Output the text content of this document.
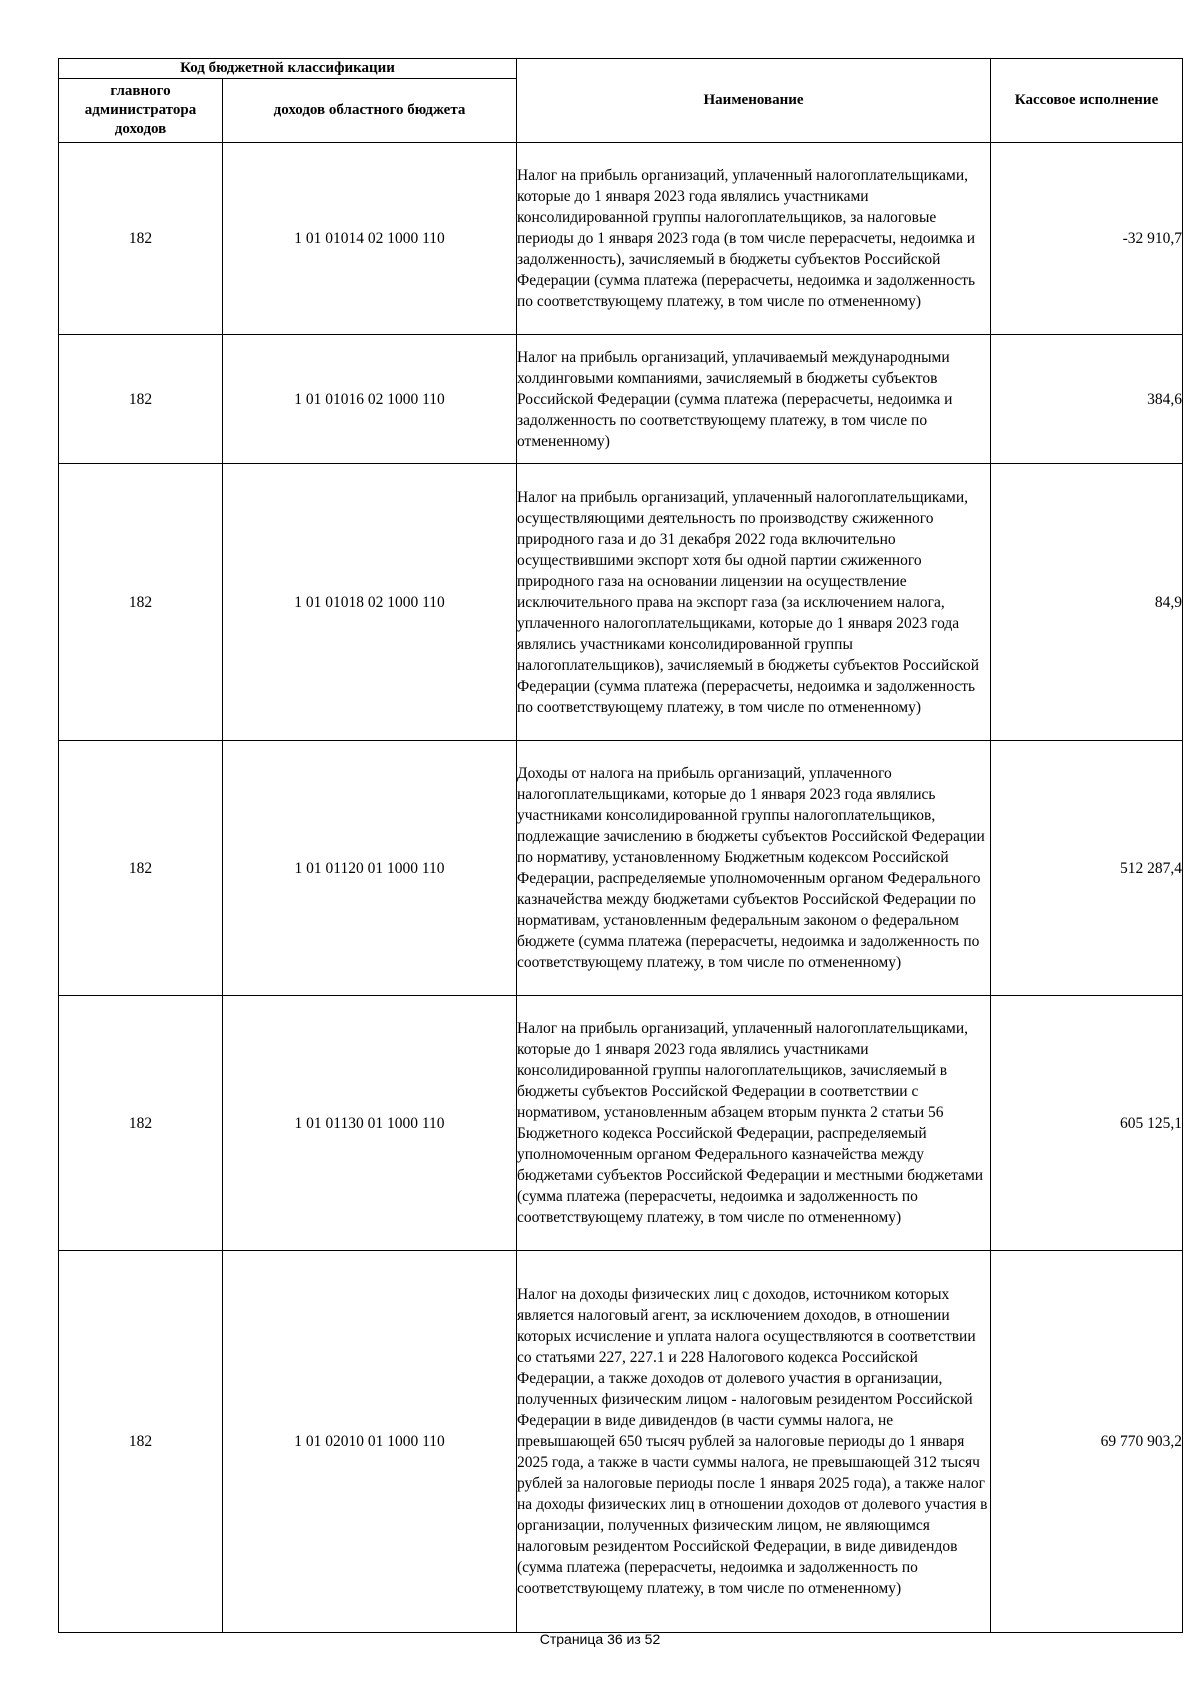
Код бюджетной классификации		Наименование	Кассовое исполнение
главного администратора доходов	доходов областного бюджета		
182	1 01 01014 02 1000 110	Налог на прибыль организаций, уплаченный налогоплательщиками, которые до 1 января 2023 года являлись участниками консолидированной группы налогоплательщиков, за налоговые периоды до 1 января 2023 года (в том числе перерасчеты, недоимка и задолженность), зачисляемый в бюджеты субъектов Российской Федерации (сумма платежа (перерасчеты, недоимка и задолженность по соответствующему платежу, в том числе по отмененному)	-32 910,7
182	1 01 01016 02 1000 110	Налог на прибыль организаций, уплачиваемый международными холдинговыми компаниями, зачисляемый в бюджеты субъектов Российской Федерации (сумма платежа (перерасчеты, недоимка и задолженность по соответствующему платежу, в том числе по отмененному)	384,6
182	1 01 01018 02 1000 110	Налог на прибыль организаций, уплаченный налогоплательщиками, осуществляющими деятельность по производству сжиженного природного газа и до 31 декабря 2022 года включительно осуществившими экспорт хотя бы одной партии сжиженного природного газа на основании лицензии на осуществление исключительного права на экспорт газа (за исключением налога, уплаченного налогоплательщиками, которые до 1 января 2023 года являлись участниками консолидированной группы налогоплательщиков), зачисляемый в бюджеты субъектов Российской Федерации (сумма платежа (перерасчеты, недоимка и задолженность по соответствующему платежу, в том числе по отмененному)	84,9
182	1 01 01120 01 1000 110	Доходы от налога на прибыль организаций, уплаченного налогоплательщиками, которые до 1 января 2023 года являлись участниками консолидированной группы налогоплательщиков, подлежащие зачислению в бюджеты субъектов Российской Федерации по нормативу, установленному Бюджетным кодексом Российской Федерации, распределяемые уполномоченным органом Федерального казначейства между бюджетами субъектов Российской Федерации по нормативам, установленным федеральным законом о федеральном бюджете (сумма платежа (перерасчеты, недоимка и задолженность по соответствующему платежу, в том числе по отмененному)	512 287,4
182	1 01 01130 01 1000 110	Налог на прибыль организаций, уплаченный налогоплательщиками, которые до 1 января 2023 года являлись участниками консолидированной группы налогоплательщиков, зачисляемый в бюджеты субъектов Российской Федерации в соответствии с нормативом, установленным абзацем вторым пункта 2 статьи 56 Бюджетного кодекса Российской Федерации, распределяемый уполномоченным органом Федерального казначейства между бюджетами субъектов Российской Федерации и местными бюджетами (сумма платежа (перерасчеты, недоимка и задолженность по соответствующему платежу, в том числе по отмененному)	605 125,1
182	1 01 02010 01 1000 110	Налог на доходы физических лиц с доходов, источником которых является налоговый агент, за исключением доходов, в отношении которых исчисление и уплата налога осуществляются в соответствии со статьями 227, 227.1 и 228 Налогового кодекса Российской Федерации, а также доходов от долевого участия в организации, полученных физическим лицом - налоговым резидентом Российской Федерации в виде дивидендов (в части суммы налога, не превышающей 650 тысяч рублей за налоговые периоды до 1 января 2025 года, а также в части суммы налога, не превышающей 312 тысяч рублей за налоговые периоды после 1 января 2025 года), а также налог на доходы физических лиц в отношении доходов от долевого участия в организации, полученных физическим лицом, не являющимся налоговым резидентом Российской Федерации, в виде дивидендов (сумма платежа (перерасчеты, недоимка и задолженность по соответствующему платежу, в том числе по отмененному)	69 770 903,2
Страница 36 из 52
